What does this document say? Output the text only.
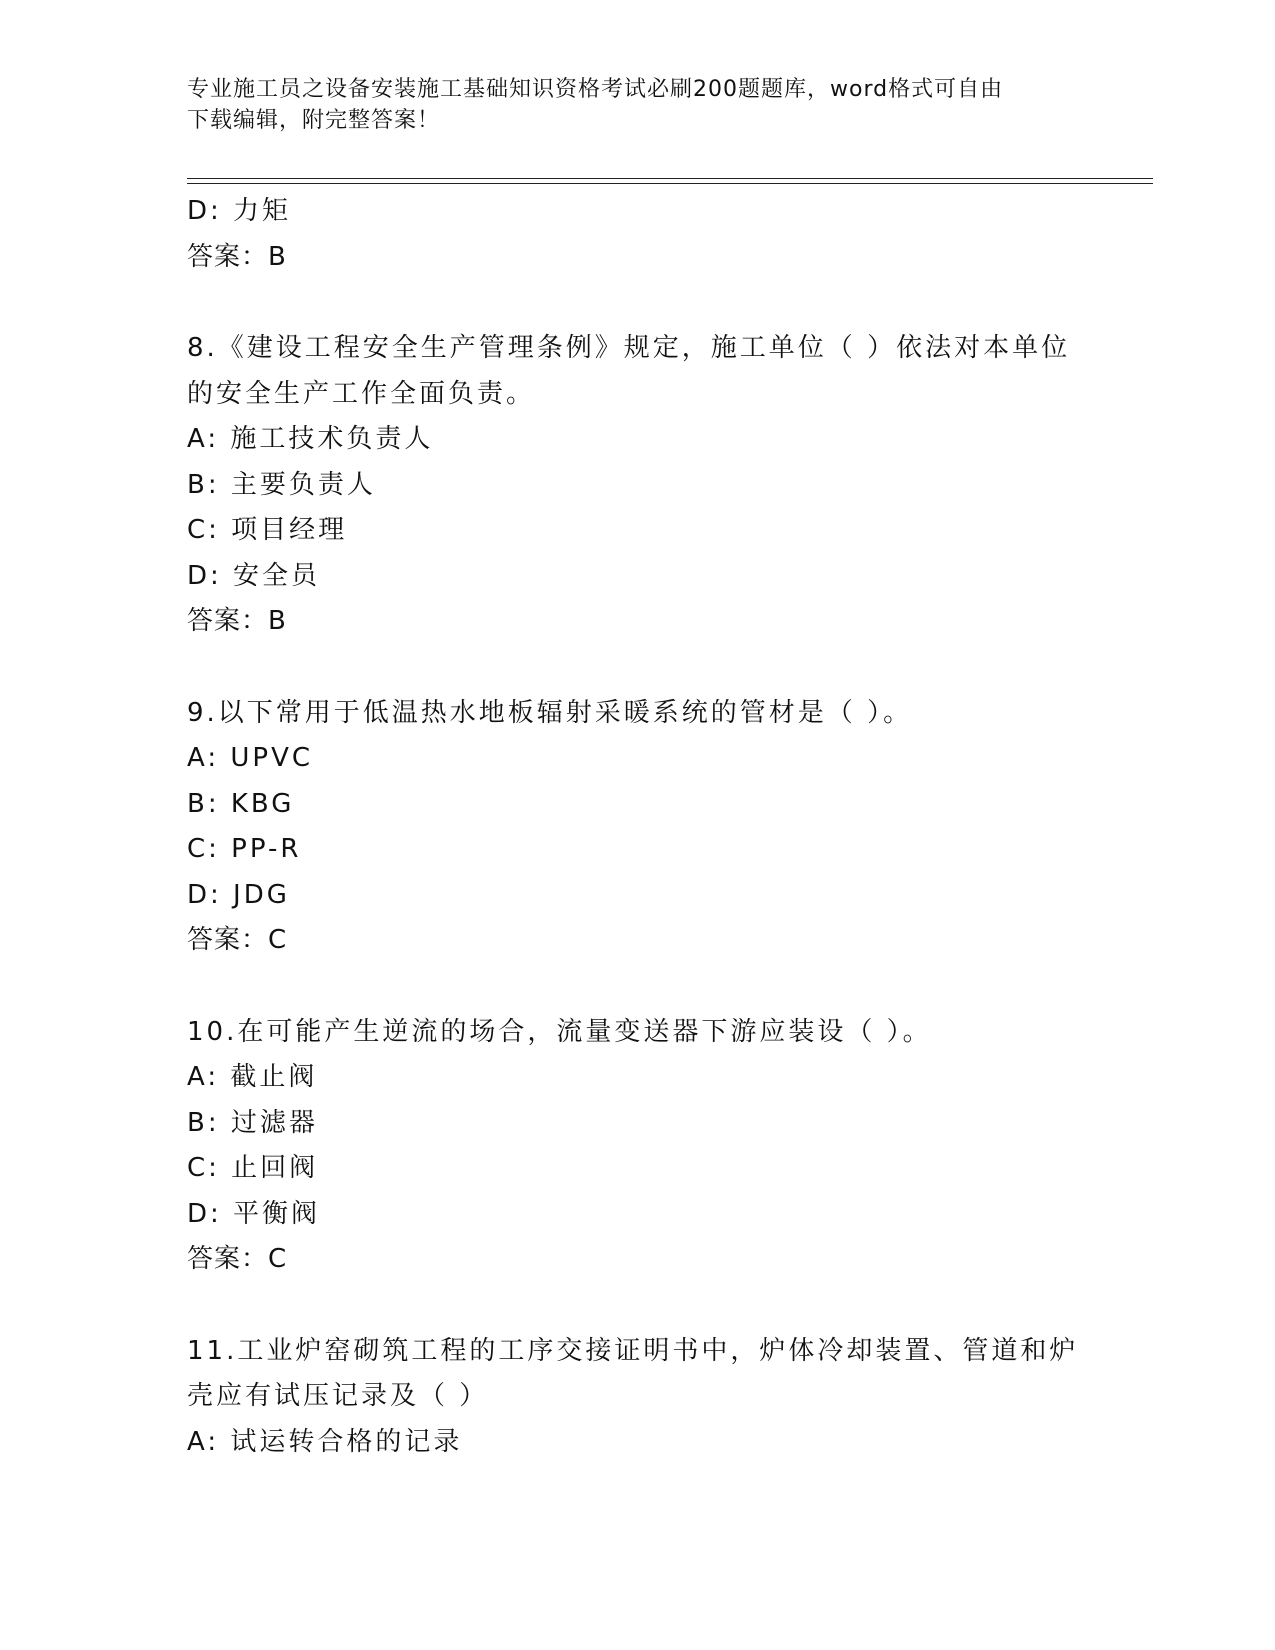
专业施工员之设备安装施工基础知识资格考试必刷200题题库，word格式可自由
下载编辑，附完整答案！
D: 力矩
答案：B
8.《建设工程安全生产管理条例》规定，施工单位（ ）依法对本单位
的安全生产工作全面负责。
A: 施工技术负责人
B: 主要负责人
C: 项目经理
D: 安全员
答案：B
9.以下常用于低温热水地板辐射采暖系统的管材是（ ）。
A: UPVC
B: KBG
C: PP-R
D: JDG
答案：C
10.在可能产生逆流的场合，流量变送器下游应装设（ ）。
A: 截止阀
B: 过滤器
C: 止回阀
D: 平衡阀
答案：C
11.工业炉窑砌筑工程的工序交接证明书中，炉体冷却装置、管道和炉
壳应有试压记录及（ ）
A: 试运转合格的记录
